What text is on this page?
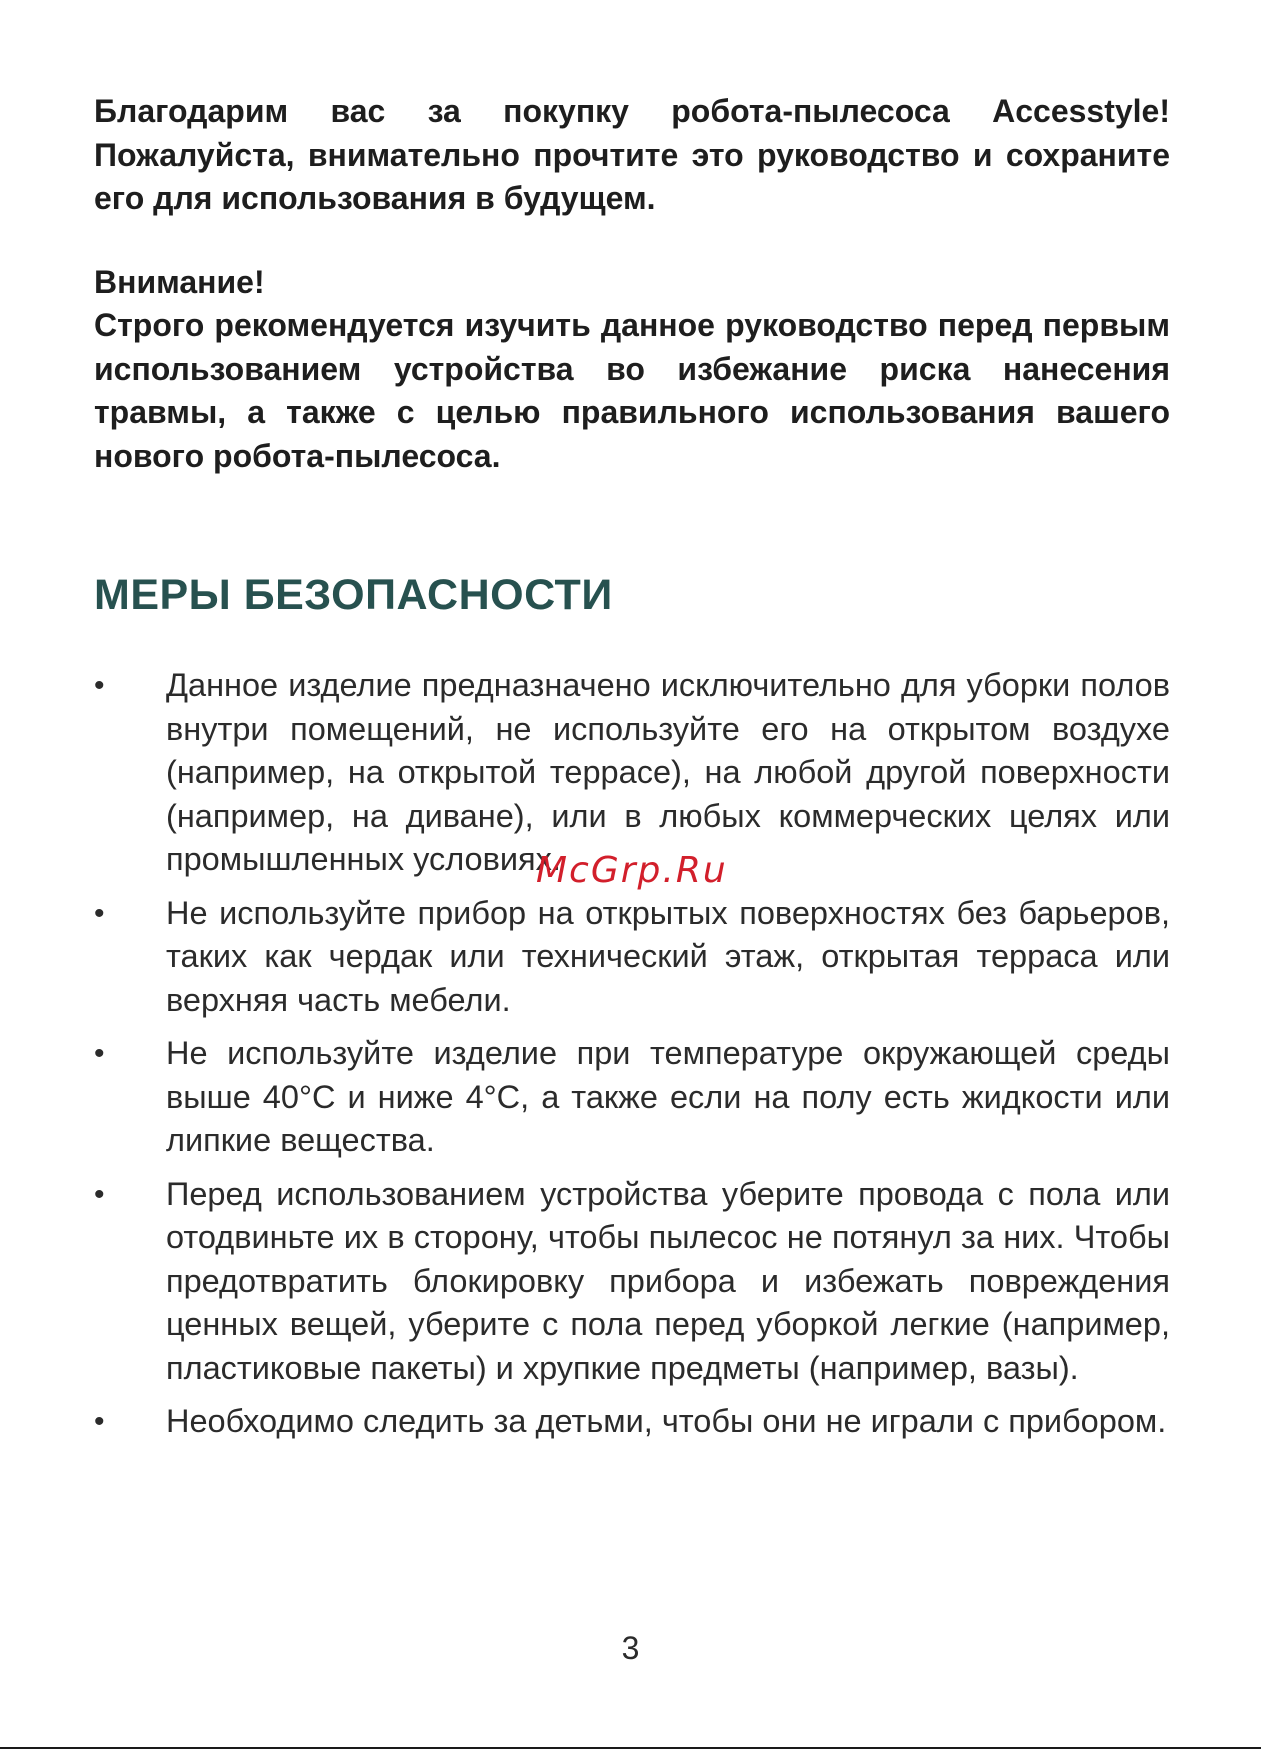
Благодарим вас за покупку робота-пылесоса Accesstyle! Пожалуйста, внимательно прочтите это руководство и сохраните его для использования в будущем.

Внимание!

Строго рекомендуется изучить данное руководство перед первым использованием устройства во избежание риска нанесения травмы, а также с целью правильного использования вашего нового робота-пылесоса.

МЕРЫ БЕЗОПАСНОСТИ
• Данное изделие предназначено исключительно для уборки полов внутри помещений, не используйте его на открытом воздухе (например, на открытой террасе), на любой другой поверхности (например, на диване), или в любых коммерческих целях или промышленных условиях.
• Не используйте прибор на открытых поверхностях без барьеров, таких как чердак или технический этаж, открытая терраса или верхняя часть мебели.
• Не используйте изделие при температуре окружающей среды выше 40°С и ниже 4°С, а также если на полу есть жидкости или липкие вещества.
• Перед использованием устройства уберите провода с пола или отодвиньте их в сторону, чтобы пылесос не потянул за них. Чтобы предотвратить блокировку прибора и избежать повреждения ценных вещей, уберите с пола перед уборкой легкие (например, пластиковые пакеты) и хрупкие предметы (например, вазы).
• Необходимо следить за детьми, чтобы они не играли с прибором.
McGrp.Ru
3
